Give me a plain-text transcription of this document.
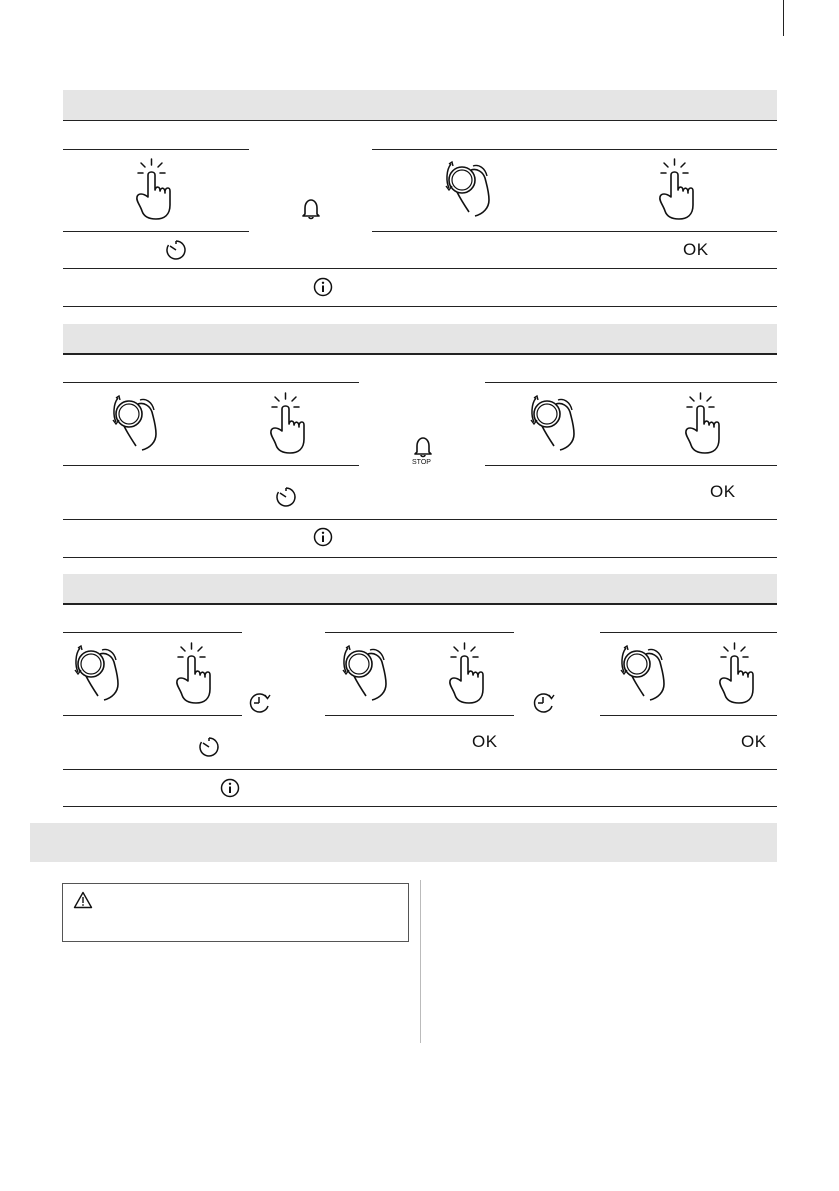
OK
STOP
OK
OK	OK
